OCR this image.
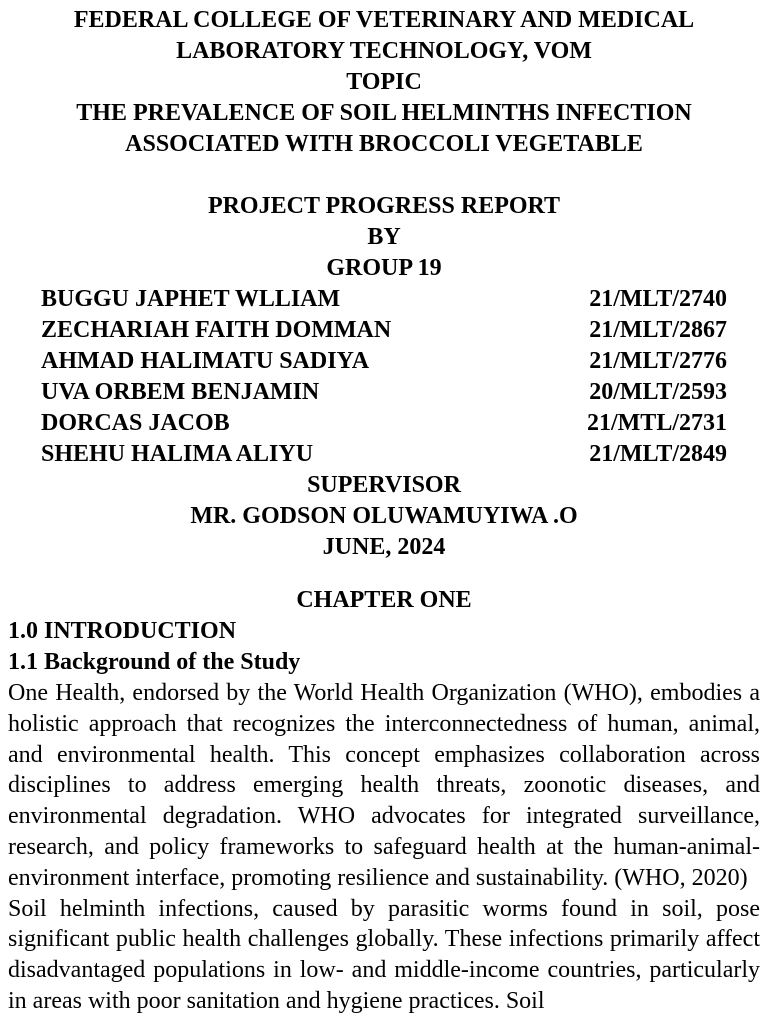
FEDERAL COLLEGE OF VETERINARY AND MEDICAL
LABORATORY TECHNOLOGY, VOM
TOPIC
THE PREVALENCE OF SOIL HELMINTHS INFECTION
ASSOCIATED WITH BROCCOLI VEGETABLE
PROJECT PROGRESS REPORT
BY
GROUP 19
BUGGU JAPHET WLLIAM	21/MLT/2740
ZECHARIAH FAITH DOMMAN	21/MLT/2867
AHMAD HALIMATU SADIYA	21/MLT/2776
UVA ORBEM BENJAMIN	20/MLT/2593
DORCAS JACOB	21/MTL/2731
SHEHU HALIMA ALIYU	21/MLT/2849
SUPERVISOR
MR. GODSON OLUWAMUYIWA .O
JUNE, 2024
CHAPTER ONE
1.0 INTRODUCTION
1.1 Background of the Study

One Health, endorsed by the World Health Organization (WHO), embodies a holistic approach that recognizes the interconnectedness of human, animal, and environmental health. This concept emphasizes collaboration across disciplines to address emerging health threats, zoonotic diseases, and environmental degradation. WHO advocates for integrated surveillance, research, and policy frameworks to safeguard health at the human-animal-environment interface, promoting resilience and sustainability. (WHO, 2020)

Soil helminth infections, caused by parasitic worms found in soil, pose significant public health challenges globally. These infections primarily affect disadvantaged populations in low- and middle-income countries, particularly in areas with poor sanitation and hygiene practices. Soil
